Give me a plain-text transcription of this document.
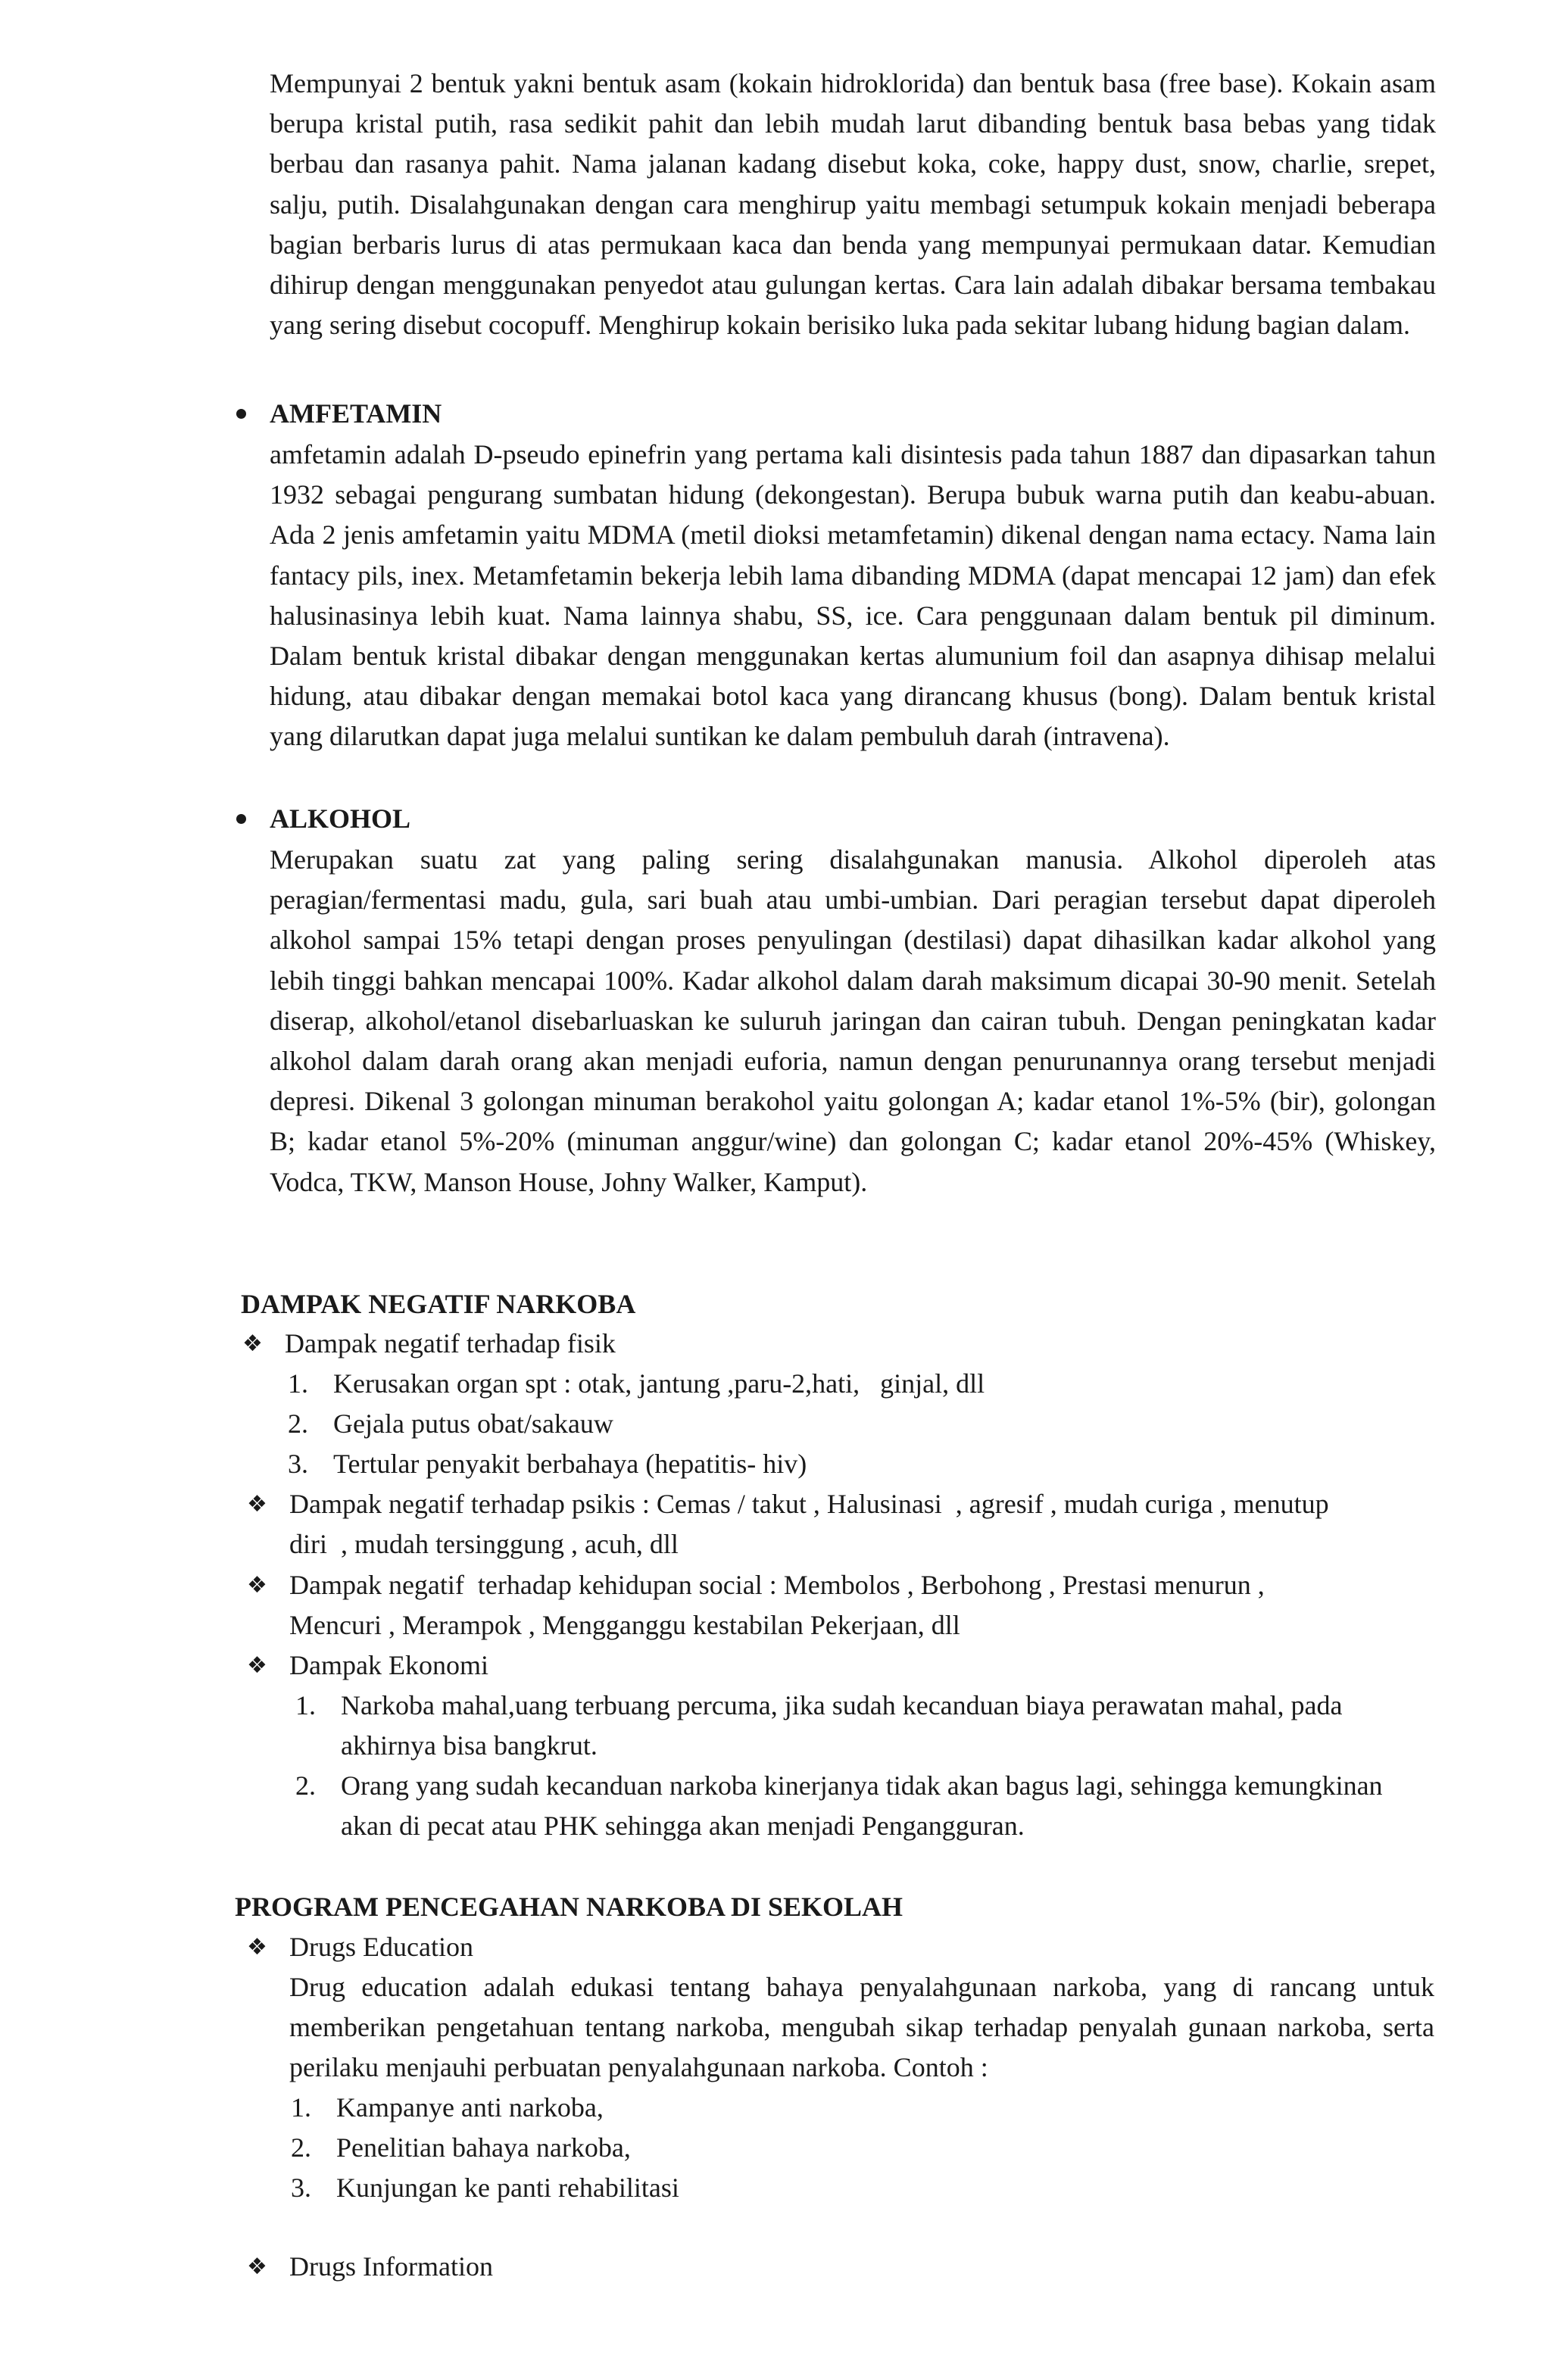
Mempunyai 2 bentuk yakni bentuk asam (kokain hidroklorida) dan bentuk basa (free base). Kokain asam berupa kristal putih, rasa sedikit pahit dan lebih mudah larut dibanding bentuk basa bebas yang tidak berbau dan rasanya pahit. Nama jalanan kadang disebut koka, coke, happy dust, snow, charlie, srepet, salju, putih. Disalahgunakan dengan cara menghirup yaitu membagi setumpuk kokain menjadi beberapa bagian berbaris lurus di atas permukaan kaca dan benda yang mempunyai permukaan datar. Kemudian dihirup dengan menggunakan penyedot atau gulungan kertas. Cara lain adalah dibakar bersama tembakau yang sering disebut cocopuff. Menghirup kokain berisiko luka pada sekitar lubang hidung bagian dalam.
AMFETAMIN
amfetamin adalah D-pseudo epinefrin yang pertama kali disintesis pada tahun 1887 dan dipasarkan tahun 1932 sebagai pengurang sumbatan hidung (dekongestan). Berupa bubuk warna putih dan keabu-abuan. Ada 2 jenis amfetamin yaitu MDMA (metil dioksi metamfetamin) dikenal dengan nama ectacy. Nama lain fantacy pils, inex. Metamfetamin bekerja lebih lama dibanding MDMA (dapat mencapai 12 jam) dan efek halusinasinya lebih kuat. Nama lainnya shabu, SS, ice. Cara penggunaan dalam bentuk pil diminum. Dalam bentuk kristal dibakar dengan menggunakan kertas alumunium foil dan asapnya dihisap melalui hidung, atau dibakar dengan memakai botol kaca yang dirancang khusus (bong). Dalam bentuk kristal yang dilarutkan dapat juga melalui suntikan ke dalam pembuluh darah (intravena).
ALKOHOL
Merupakan suatu zat yang paling sering disalahgunakan manusia. Alkohol diperoleh atas peragian/fermentasi madu, gula, sari buah atau umbi-umbian. Dari peragian tersebut dapat diperoleh alkohol sampai 15% tetapi dengan proses penyulingan (destilasi) dapat dihasilkan kadar alkohol yang lebih tinggi bahkan mencapai 100%. Kadar alkohol dalam darah maksimum dicapai 30-90 menit. Setelah diserap, alkohol/etanol disebarluaskan ke suluruh jaringan dan cairan tubuh. Dengan peningkatan kadar alkohol dalam darah orang akan menjadi euforia, namun dengan penurunannya orang tersebut menjadi depresi. Dikenal 3 golongan minuman berakohol yaitu golongan A; kadar etanol 1%-5% (bir), golongan B; kadar etanol 5%-20% (minuman anggur/wine) dan golongan C; kadar etanol 20%-45% (Whiskey, Vodca, TKW, Manson House, Johny Walker, Kamput).
DAMPAK NEGATIF NARKOBA
❖ Dampak negatif terhadap fisik
1. Kerusakan organ spt : otak, jantung ,paru-2,hati,   ginjal, dll
2. Gejala putus obat/sakauw
3. Tertular penyakit berbahaya (hepatitis- hiv)
❖ Dampak negatif terhadap psikis : Cemas / takut , Halusinasi  , agresif , mudah curiga , menutup
diri  , mudah tersinggung , acuh, dll
❖ Dampak negatif  terhadap kehidupan social : Membolos , Berbohong , Prestasi menurun ,
Mencuri , Merampok , Mengganggu kestabilan Pekerjaan, dll
❖ Dampak Ekonomi
1. Narkoba mahal,uang terbuang percuma, jika sudah kecanduan biaya perawatan mahal, pada akhirnya bisa bangkrut.
2. Orang yang sudah kecanduan narkoba kinerjanya tidak akan bagus lagi, sehingga kemungkinan akan di pecat atau PHK sehingga akan menjadi Pengangguran.
PROGRAM PENCEGAHAN NARKOBA DI SEKOLAH
❖ Drugs Education
Drug education adalah edukasi tentang bahaya penyalahgunaan narkoba, yang di rancang untuk memberikan pengetahuan tentang narkoba, mengubah sikap terhadap penyalah gunaan narkoba, serta perilaku menjauhi perbuatan penyalahgunaan narkoba. Contoh :
1. Kampanye anti narkoba,
2. Penelitian bahaya narkoba,
3. Kunjungan ke panti rehabilitasi
❖ Drugs Information
